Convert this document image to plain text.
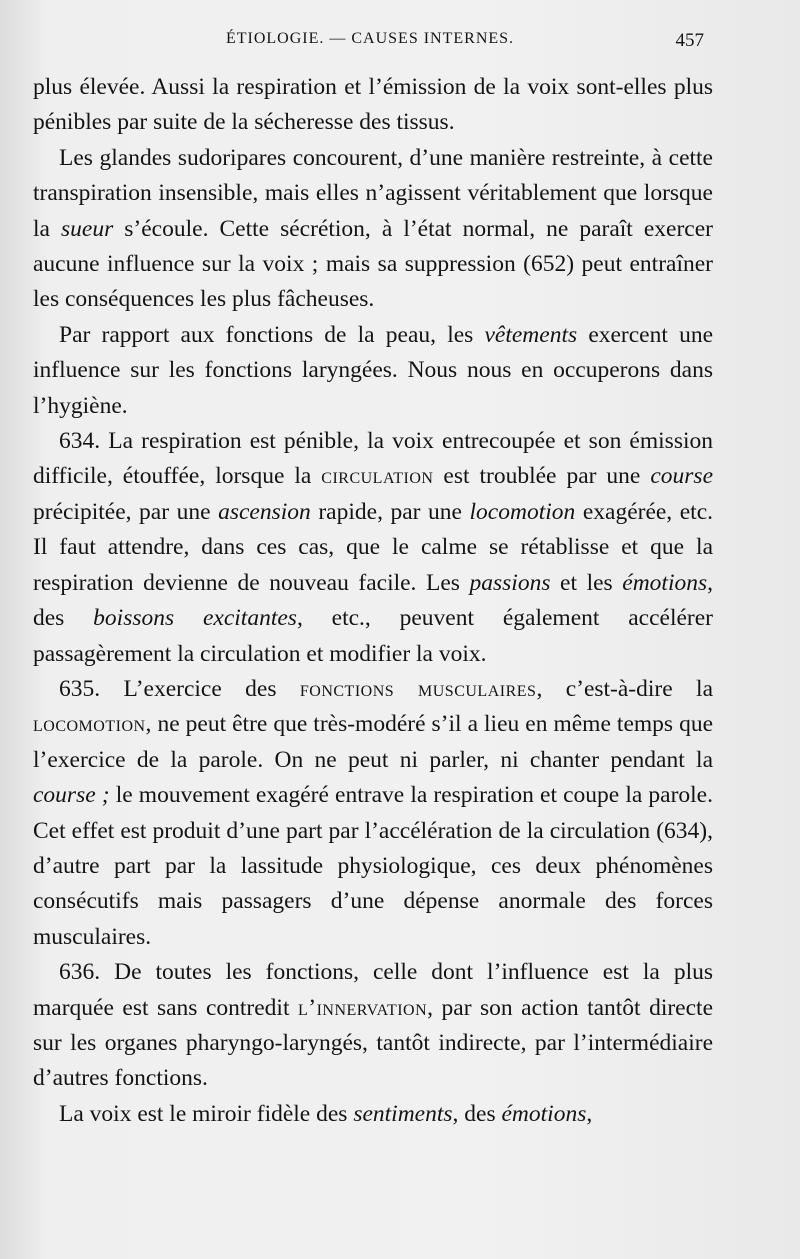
ÉTIOLOGIE. — CAUSES INTERNES.	457

plus élevée. Aussi la respiration et l’émission de la voix sont-elles plus pénibles par suite de la sécheresse des tissus.

Les glandes sudoripares concourent, d’une manière restreinte, à cette transpiration insensible, mais elles n’agissent véritablement que lorsque la sueur s’écoule. Cette sécrétion, à l’état normal, ne paraît exercer aucune influence sur la voix ; mais sa suppression (652) peut entraîner les conséquences les plus fâcheuses.

Par rapport aux fonctions de la peau, les vêtements exercent une influence sur les fonctions laryngées. Nous nous en occuperons dans l’hygiène.

634. La respiration est pénible, la voix entrecoupée et son émission difficile, étouffée, lorsque la circulation est troublée par une course précipitée, par une ascension rapide, par une locomotion exagérée, etc. Il faut attendre, dans ces cas, que le calme se rétablisse et que la respiration devienne de nouveau facile. Les passions et les émotions, des boissons excitantes, etc., peuvent également accélérer passagèrement la circulation et modifier la voix.

635. L’exercice des fonctions musculaires, c’est-à-dire la locomotion, ne peut être que très-modéré s’il a lieu en même temps que l’exercice de la parole. On ne peut ni parler, ni chanter pendant la course ; le mouvement exagéré entrave la respiration et coupe la parole. Cet effet est produit d’une part par l’accélération de la circulation (634), d’autre part par la lassitude physiologique, ces deux phénomènes consécutifs mais passagers d’une dépense anormale des forces musculaires.

636. De toutes les fonctions, celle dont l’influence est la plus marquée est sans contredit l’innervation, par son action tantôt directe sur les organes pharyngo-laryngés, tantôt indirecte, par l’intermédiaire d’autres fonctions.

La voix est le miroir fidèle des sentiments, des émotions,
